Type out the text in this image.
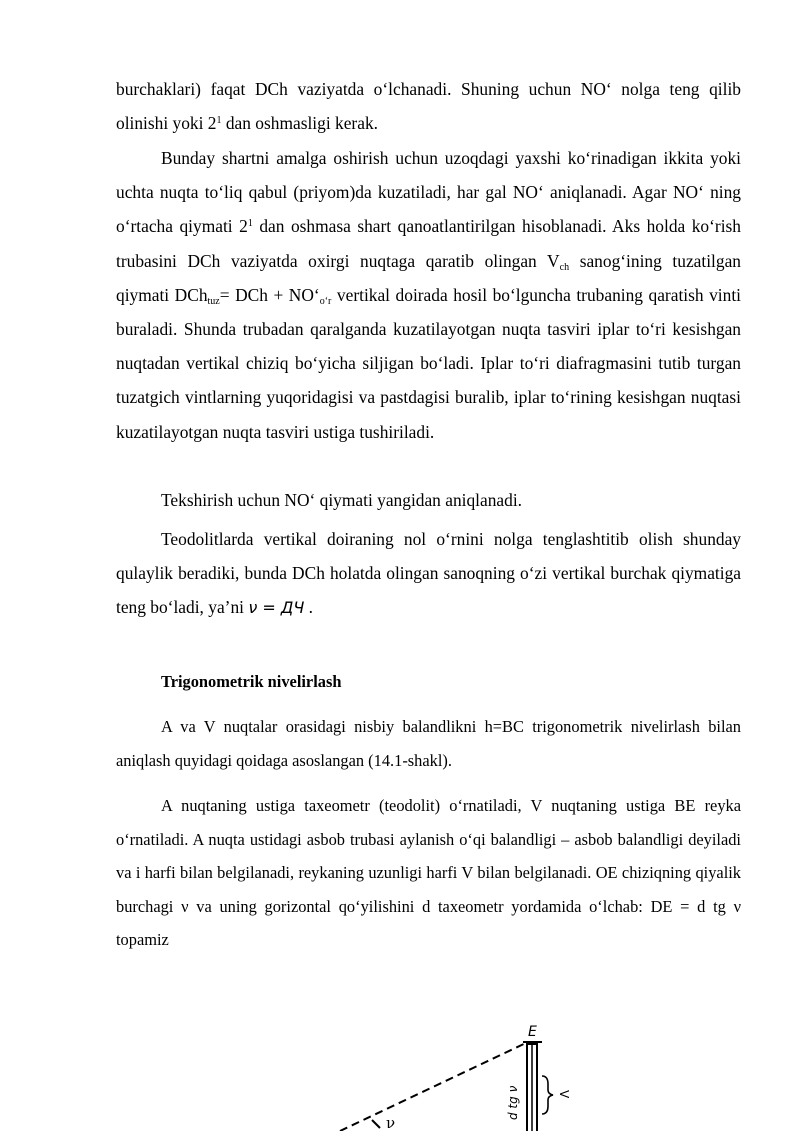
burchaklari) faqat DCh vaziyatda o‘lchanadi. Shuning uchun NO‘ nolga teng qilib olinishi yoki $2^1$ dan oshmasligi kerak.

Bunday shartni amalga oshirish uchun uzoqdagi yaxshi ko‘rinadigan ikkita yoki uchta nuqta to‘liq qabul (priyom)da kuzatiladi, har gal NO‘ aniqlanadi. Agar NO‘ ning o‘rtacha qiymati $2^1$ dan oshmasa shart qanoatlantirilgan hisoblanadi. Aks holda ko‘rish trubasini DCh vaziyatda oxirgi nuqtaga qaratib olingan $V_{ch}$ sanog‘ining tuzatilgan qiymati DCh$_{tuz}$= DCh + $NO‘_{o‘r}$ vertikal doirada hosil bo‘lguncha trubaning qaratish vinti buraladi. Shunda trubadan qaralganda kuzatilayotgan nuqta tasviri iplar to‘ri kesishgan nuqtadan vertikal chiziq bo‘yicha siljigan bo‘ladi. Iplar to‘ri diafragmasini tutib turgan tuzatgich vintlarning yuqoridagisi va pastdagisi buralib, iplar to‘rining kesishgan nuqtasi kuzatilayotgan nuqta tasviri ustiga tushiriladi.

Tekshirish uchun NO‘ qiymati yangidan aniqlanadi.

Teodolitlarda vertikal doiraning nol o‘rnini nolga tenglashtitib olish shunday qulaylik beradiki, bunda DCh holatda olingan sanoqning o‘zi vertikal burchak qiymatiga teng bo‘ladi, ya’ni ν = ДЧ .

Trigonometrik nivelirlash

A va V nuqtalar orasidagi nisbiy balandlikni h=BC trigonometrik nivelirlash bilan aniqlash quyidagi qoidaga asoslangan (14.1-shakl).

A nuqtaning ustiga taxeometr (teodolit) o‘rnatiladi, V nuqtaning ustiga BE reyka o‘rnatiladi. A nuqta ustidagi asbob trubasi aylanish o‘qi balandligi – asbob balandligi deyiladi va i harfi bilan belgilanadi, reykaning uzunligi harfi V bilan belgilanadi. OE chiziqning qiyalik burchagi ν va uning gorizontal qo‘yilishini d taxeometr yordamida o‘lchab: DE = d tg ν topamiz

E
d tg ν	V
ν
